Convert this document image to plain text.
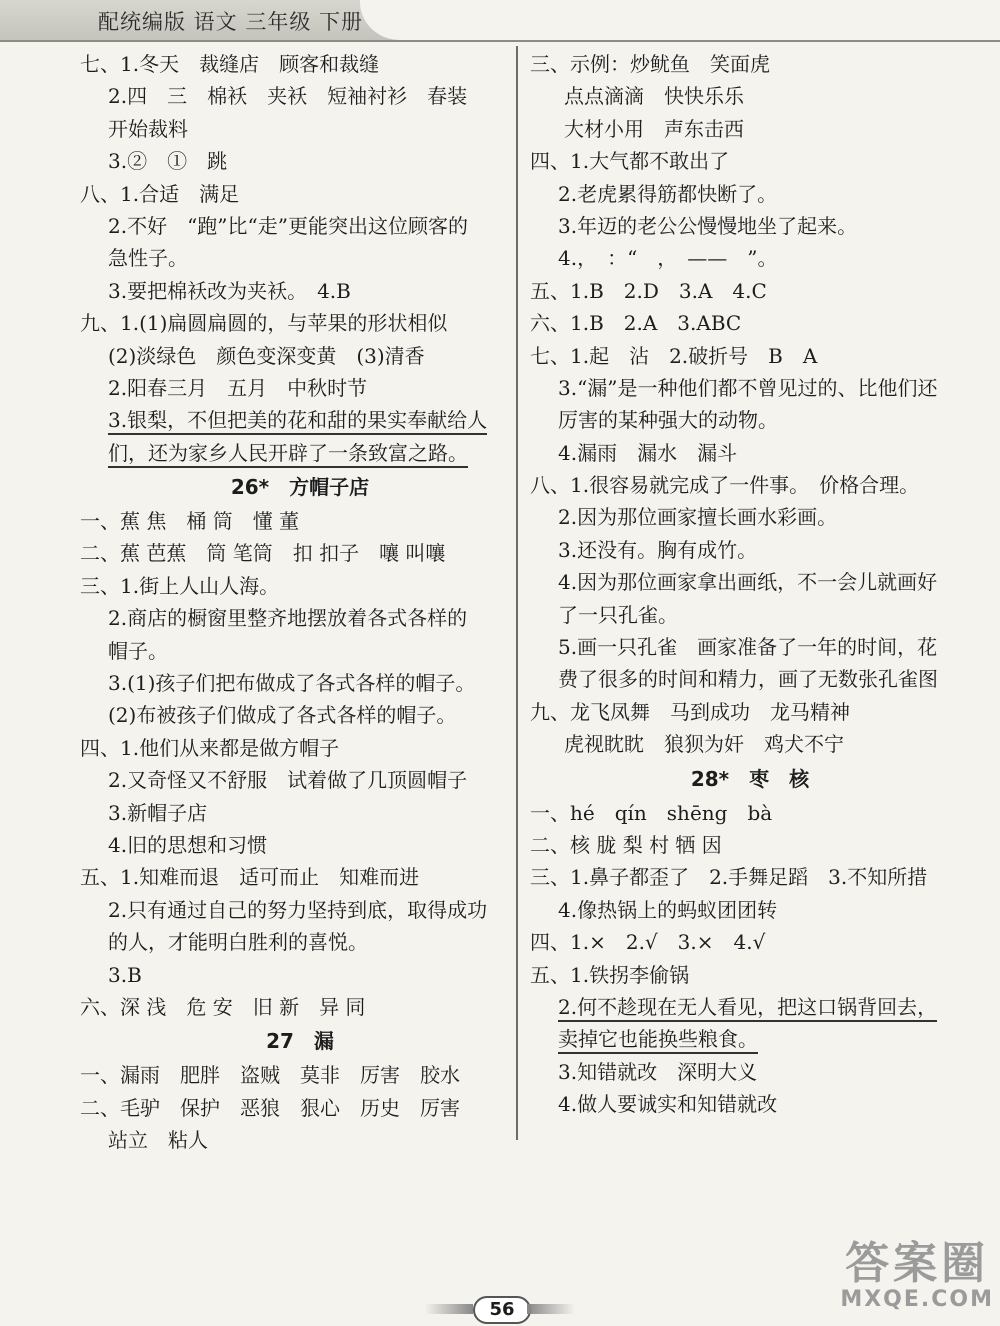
配统编版 语文 三年级 下册
七、1.冬天　裁缝店　顾客和裁缝
2.四　三　棉袄　夹袄　短袖衬衫　春装
开始裁料
3.②　①　跳
八、1.合适　满足
2.不好　“跑”比“走”更能突出这位顾客的
急性子。
3.要把棉袄改为夹袄。　4.B
九、1.(1)扁圆扁圆的，与苹果的形状相似
(2)淡绿色　颜色变深变黄　(3)清香
2.阳春三月　五月　中秋时节
3.银梨，不但把美的花和甜的果实奉献给人
们，还为家乡人民开辟了一条致富之路。
26*　方帽子店
一、蕉 焦　桶 筒　懂 董
二、蕉 芭蕉　筒 笔筒　扣 扣子　嚷 叫嚷
三、1.街上人山人海。
2.商店的橱窗里整齐地摆放着各式各样的
帽子。
3.(1)孩子们把布做成了各式各样的帽子。
(2)布被孩子们做成了各式各样的帽子。
四、1.他们从来都是做方帽子
2.又奇怪又不舒服　试着做了几顶圆帽子
3.新帽子店
4.旧的思想和习惯
五、1.知难而退　适可而止　知难而进
2.只有通过自己的努力坚持到底，取得成功
的人，才能明白胜利的喜悦。
3.B
六、深 浅　危 安　旧 新　异 同
27　漏
一、漏雨　肥胖　盗贼　莫非　厉害　胶水
二、毛驴　保护　恶狼　狠心　历史　厉害
站立　粘人
三、示例：炒鱿鱼　笑面虎
点点滴滴　快快乐乐
大材小用　声东击西
四、1.大气都不敢出了
2.老虎累得筋都快断了。
3.年迈的老公公慢慢地坐了起来。
4.，　：“　，　——　”。
五、1.B　2.D　3.A　4.C
六、1.B　2.A　3.ABC
七、1.起　沾　2.破折号　B　A
3.“漏”是一种他们都不曾见过的、比他们还
厉害的某种强大的动物。
4.漏雨　漏水　漏斗
八、1.很容易就完成了一件事。　价格合理。
2.因为那位画家擅长画水彩画。
3.还没有。胸有成竹。
4.因为那位画家拿出画纸，不一会儿就画好
了一只孔雀。
5.画一只孔雀　画家准备了一年的时间，花
费了很多的时间和精力，画了无数张孔雀图
九、龙飞凤舞　马到成功　龙马精神
虎视眈眈　狼狈为奸　鸡犬不宁
28*　枣　核
一、hé　qín　shēng　bà
二、核 胧 梨 村 牺 因
三、1.鼻子都歪了　2.手舞足蹈　3.不知所措
4.像热锅上的蚂蚁团团转
四、1.×　2.√　3.×　4.√
五、1.铁拐李偷锅
2.何不趁现在无人看见，把这口锅背回去，
卖掉它也能换些粮食。
3.知错就改　深明大义
4.做人要诚实和知错就改
56
答案圈
MXQE.COM
